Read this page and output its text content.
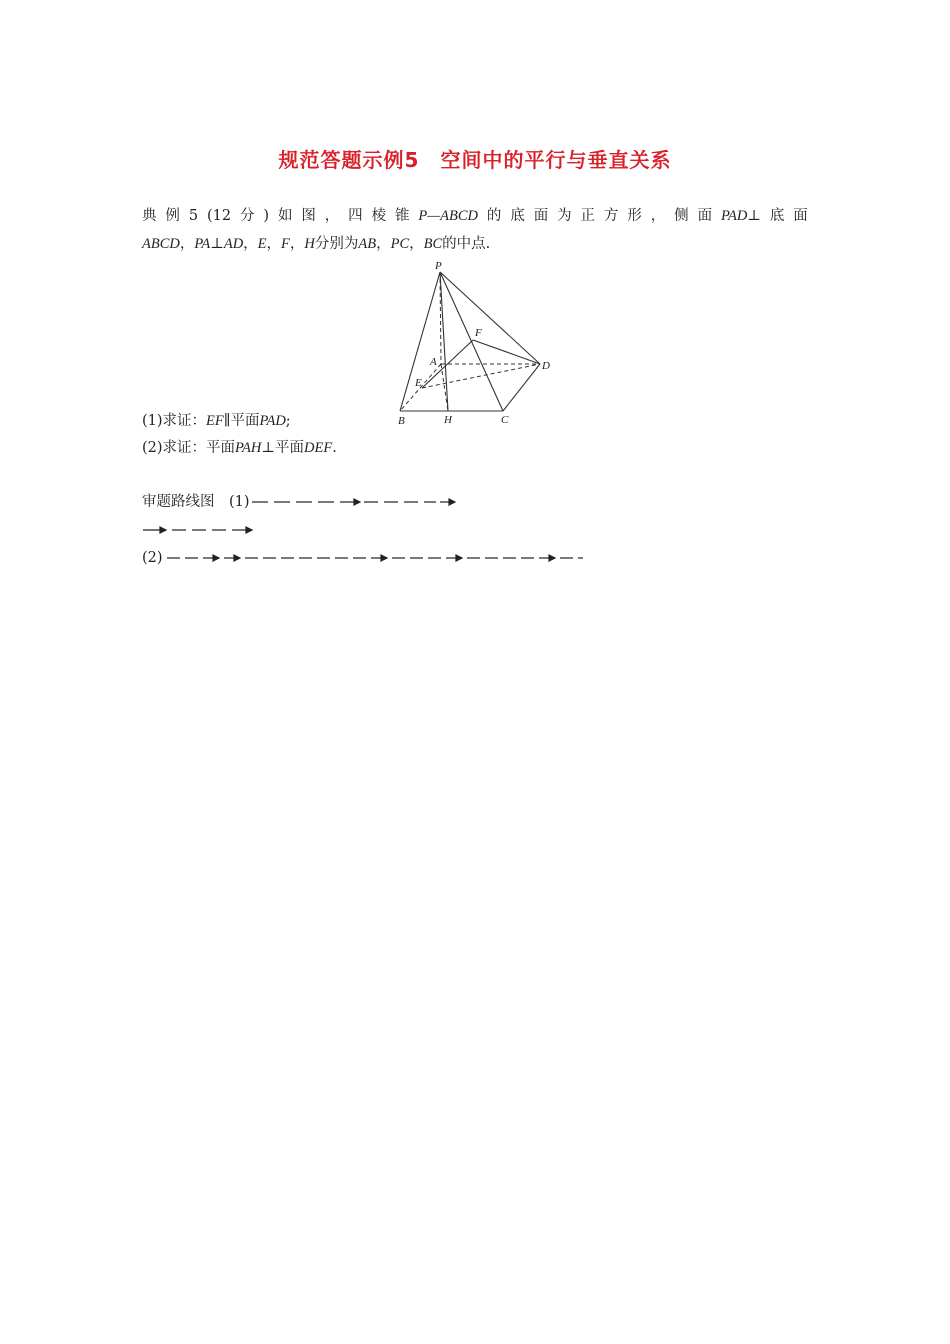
规范答题示例5　空间中的平行与垂直关系
典 例 5 (12 分 ) 如 图 ， 四 棱 锥 P—ABCD 的 底 面 为 正 方 形 ， 侧 面 PAD⊥ 底 面
ABCD，PA⊥AD，E，F，H分别为AB，PC，BC的中点.
P
A
B	C
D
E
F
H
(1)求证：EF∥平面PAD;
(2)求证：平面PAH⊥平面DEF.
审题路线图　(1)
(2)
